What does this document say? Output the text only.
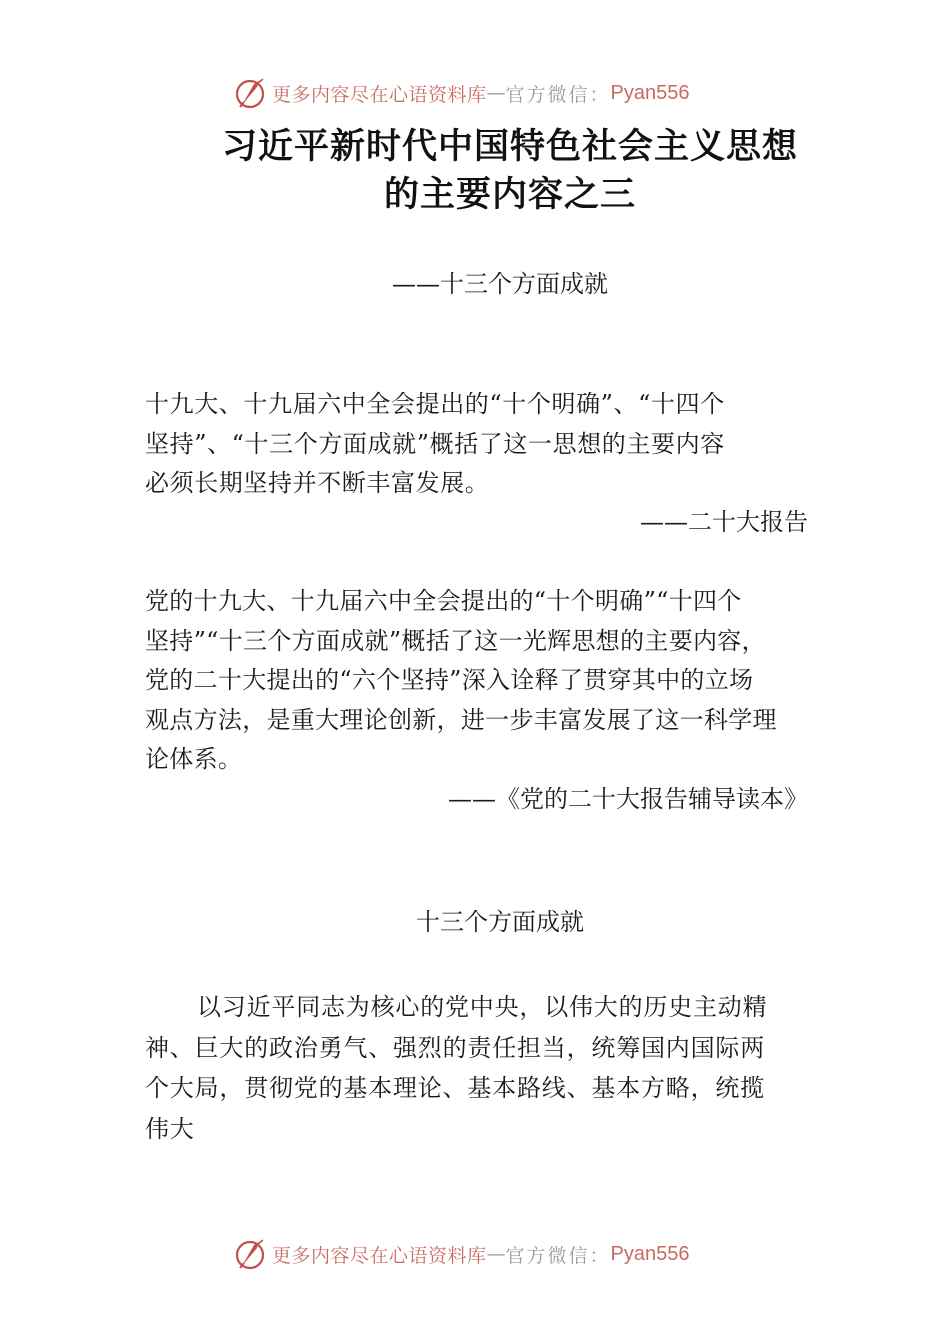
更多内容尽在心语资料库 — 官方微信： Pyan556
习近平新时代中国特色社会主义思想
的主要内容之三
——十三个方面成就
十九大、十九届六中全会提出的“十个明确”、“十四个
坚持”、“十三个方面成就”概括了这一思想的主要内容
必须长期坚持并不断丰富发展。
——二十大报告
党的十九大、十九届六中全会提出的“十个明确”“十四个
坚持”“十三个方面成就”概括了这一光辉思想的主要内容，
党的二十大提出的“六个坚持”深入诠释了贯穿其中的立场
观点方法，是重大理论创新，进一步丰富发展了这一科学理
论体系。
——《党的二十大报告辅导读本》
十三个方面成就
以习近平同志为核心的党中央，以伟大的历史主动精
神、巨大的政治勇气、强烈的责任担当，统筹国内国际两
个大局，贯彻党的基本理论、基本路线、基本方略，统揽
伟大
更多内容尽在心语资料库 — 官方微信： Pyan556
